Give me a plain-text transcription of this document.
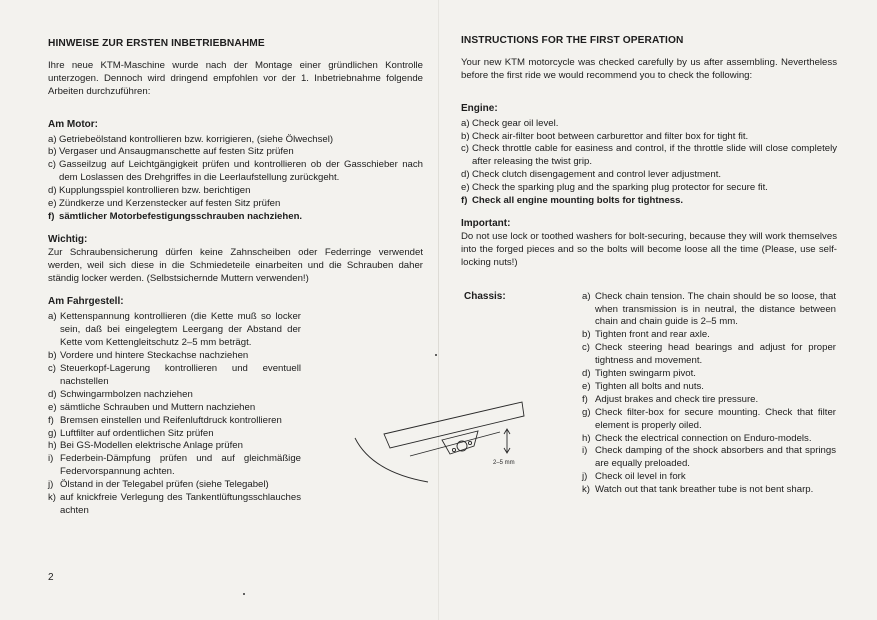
HINWEISE ZUR ERSTEN INBETRIEBNAHME

Ihre neue KTM-Maschine wurde nach der Montage einer gründlichen Kontrolle unterzogen. Dennoch wird dringend empfohlen vor der 1. Inbetriebnahme folgende Arbeiten durchzuführen:

Am Motor:
a) Getriebeölstand kontrollieren bzw. korrigieren, (siehe Ölwechsel)
b) Vergaser und Ansaugmanschette auf festen Sitz prüfen
c) Gasseilzug auf Leichtgängigkeit prüfen und kontrollieren ob der Gasschieber nach dem Loslassen des Drehgriffes in die Leerlaufstellung zurückgeht.
d) Kupplungsspiel kontrollieren bzw. berichtigen
e) Zündkerze und Kerzenstecker auf festen Sitz prüfen
f) sämtlicher Motorbefestigungsschrauben nachziehen.
Wichtig:

Zur Schraubensicherung dürfen keine Zahnscheiben oder Federringe verwendet werden, weil sich diese in die Schmiedeteile einarbeiten und die Schrauben daher ständig locker werden. (Selbstsichernde Muttern verwenden!)

Am Fahrgestell:
a) Kettenspannung kontrollieren (die Kette muß so locker sein, daß bei eingelegtem Leergang der Abstand der Kette vom Kettengleitschutz 2–5 mm beträgt.
b) Vordere und hintere Steckachse nachziehen
c) Steuerkopf-Lagerung kontrollieren und eventuell nachstellen
d) Schwingarmbolzen nachziehen
e) sämtliche Schrauben und Muttern nachziehen
f) Bremsen einstellen und Reifenluftdruck kontrollieren
g) Luftfilter auf ordentlichen Sitz prüfen
h) Bei GS-Modellen elektrische Anlage prüfen
i) Federbein-Dämpfung prüfen und auf gleichmäßige Federvorspannung achten.
j) Ölstand in der Telegabel prüfen (siehe Telegabel)
k) auf knickfreie Verlegung des Tankentlüftungsschlauches achten
INSTRUCTIONS FOR THE FIRST OPERATION

Your new KTM motorcycle was checked carefully by us after assembling. Nevertheless before the first ride we would recommend you to check the following:

Engine:
a) Check gear oil level.
b) Check air-filter boot between carburettor and filter box for tight fit.
c) Check throttle cable for easiness and control, if the throttle slide will close completely after releasing the twist grip.
d) Check clutch disengagement and control lever adjustment.
e) Check the sparking plug and the sparking plug protector for secure fit.
f) Check all engine mounting bolts for tightness.
Important:

Do not use lock or toothed washers for bolt-securing, because they will work themselves into the forged pieces and so the bolts will become loose all the time (Please, use self-locking nuts!)

Chassis:	a) Check chain tension. The chain should be so loose, that when transmission is in neutral, the distance between chain and chain guide is 2–5 mm.
b) Tighten front and rear axle.
c) Check steering head bearings and adjust for proper tightness and movement.
d) Tighten swingarm pivot.
e) Tighten all bolts and nuts.
f) Adjust brakes and check tire pressure.
g) Check filter-box for secure mounting. Check that filter element is properly oiled.
h) Check the electrical connection on Enduro-models.
i) Check damping of the shock absorbers and that springs are equally preloaded.
j) Check oil level in fork
k) Watch out that tank breather tube is not bent sharp.
2–5 mm
2
